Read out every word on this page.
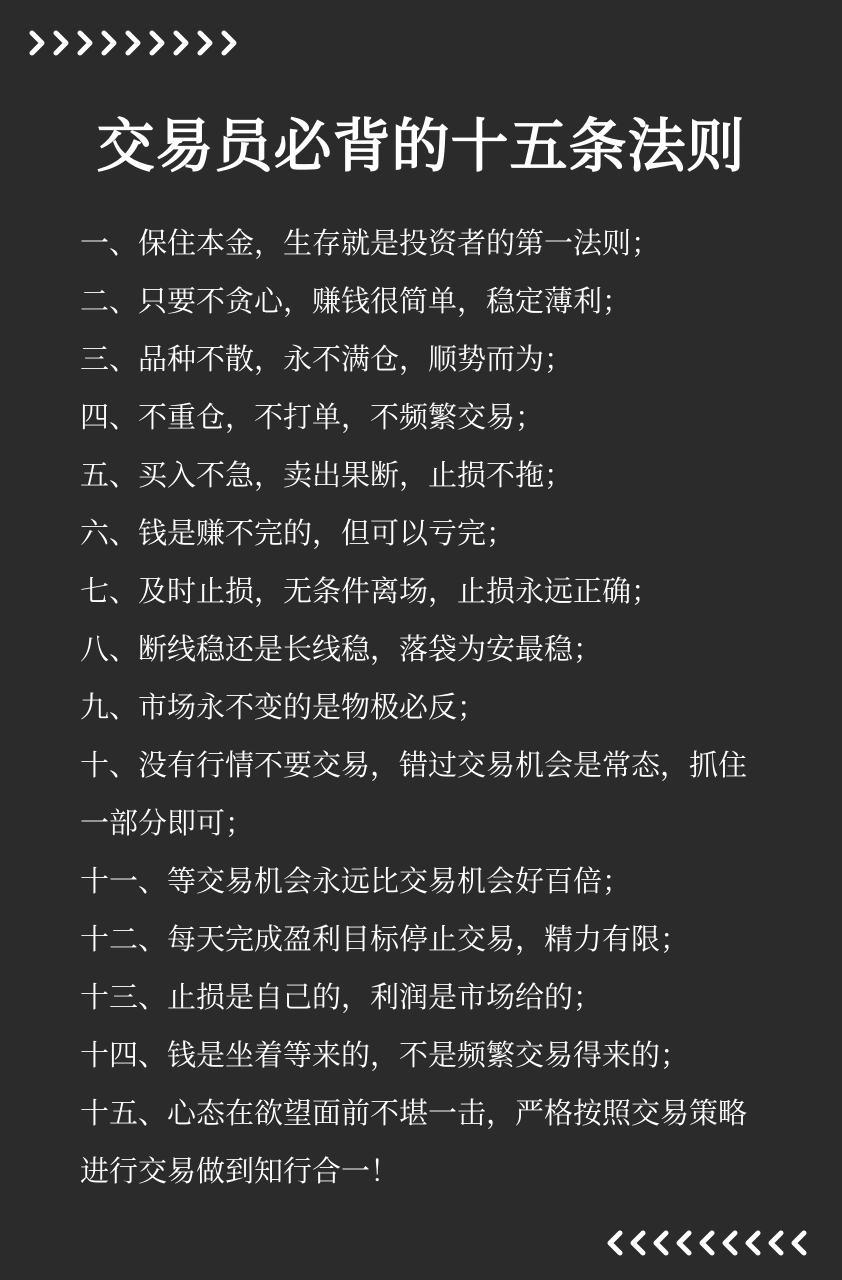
交易员必背的十五条法则
一、保住本金，生存就是投资者的第一法则；
二、只要不贪心，赚钱很简单，稳定薄利；
三、品种不散，永不满仓，顺势而为；
四、不重仓，不打单，不频繁交易；
五、买入不急，卖出果断，止损不拖；
六、钱是赚不完的，但可以亏完；
七、及时止损，无条件离场，止损永远正确；
八、断线稳还是长线稳，落袋为安最稳；
九、市场永不变的是物极必反；
十、没有行情不要交易，错过交易机会是常态，抓住
一部分即可；
十一、等交易机会永远比交易机会好百倍；
十二、每天完成盈利目标停止交易，精力有限；
十三、止损是自己的，利润是市场给的；
十四、钱是坐着等来的，不是频繁交易得来的；
十五、心态在欲望面前不堪一击，严格按照交易策略
进行交易做到知行合一！
